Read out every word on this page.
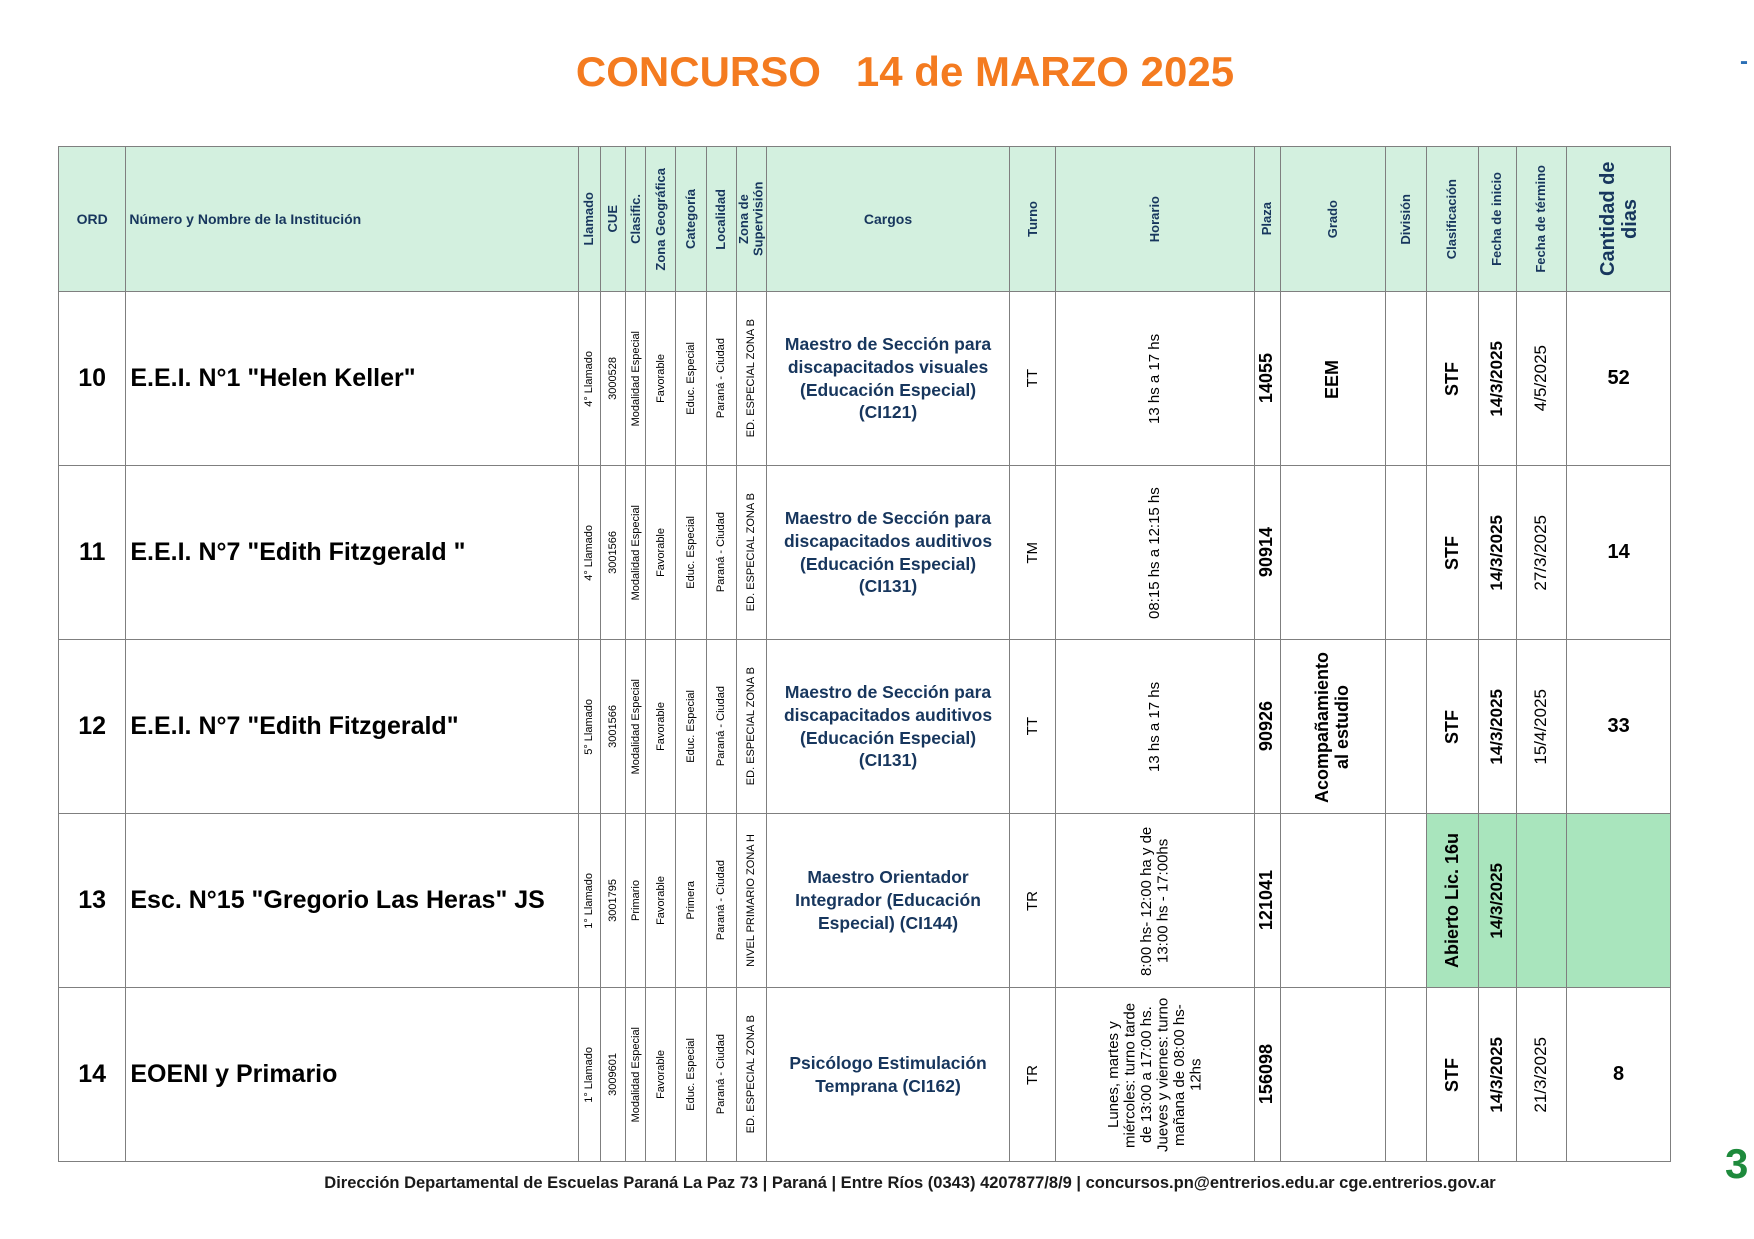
CONCURSO   14 de MARZO 2025	-
ORD	Número y Nombre de la Institución	Llamado	CUE	Clasific.	Zona Geográfica	Categoría	Localidad	Zona de Supervisión	Cargos	Turno	Horario	Plaza	Grado	División	Clasificación	Fecha de inicio	Fecha de término	Cantidad de dias

10	E.E.I. N°1 "Helen Keller"	4° Llamado	3000528	Modalidad Especial	Favorable	Educ. Especial	Paraná - Ciudad	ED. ESPECIAL ZONA B	Maestro de Sección para discapacitados visuales (Educación Especial) (CI121)	TT	13 hs a 17 hs	14055	EEM		STF	14/3/2025	4/5/2025	52
11	E.E.I. N°7 "Edith Fitzgerald "	4° Llamado	3001566	Modalidad Especial	Favorable	Educ. Especial	Paraná - Ciudad	ED. ESPECIAL ZONA B	Maestro de Sección para discapacitados auditivos (Educación Especial) (CI131)	TM	08:15 hs a 12:15 hs	90914			STF	14/3/2025	27/3/2025	14
12	E.E.I. N°7 "Edith Fitzgerald"	5° Llamado	3001566	Modalidad Especial	Favorable	Educ. Especial	Paraná - Ciudad	ED. ESPECIAL ZONA B	Maestro de Sección para discapacitados auditivos (Educación Especial) (CI131)	TT	13 hs a 17 hs	90926	Acompañamiento al estudio		STF	14/3/2025	15/4/2025	33
13	Esc. N°15 "Gregorio Las Heras" JS	1° Llamado	3001795	Primario	Favorable	Primera	Paraná - Ciudad	NIVEL PRIMARIO ZONA H	Maestro Orientador Integrador (Educación Especial) (CI144)	TR	8:00 hs- 12:00 ha y de 13:00 hs - 17:00hs	121041			Abierto Lic. 16u	14/3/2025		

14	EOENI y Primario	1° Llamado	3009601	Modalidad Especial	Favorable	Educ. Especial	Paraná - Ciudad	ED. ESPECIAL ZONA B	Psicólogo Estimulación Temprana (CI162)	TR	Lunes, martes y miércoles: turno tarde de 13:00 a 17:00 hs. Jueves y viernes: turno mañana de 08:00 hs-12hs	156098			STF	14/3/2025	21/3/2025	8
Dirección Departamental de Escuelas Paraná La Paz 73 | Paraná | Entre Ríos (0343) 4207877/8/9 | concursos.pn@entrerios.edu.ar cge.entrerios.gov.ar	3
